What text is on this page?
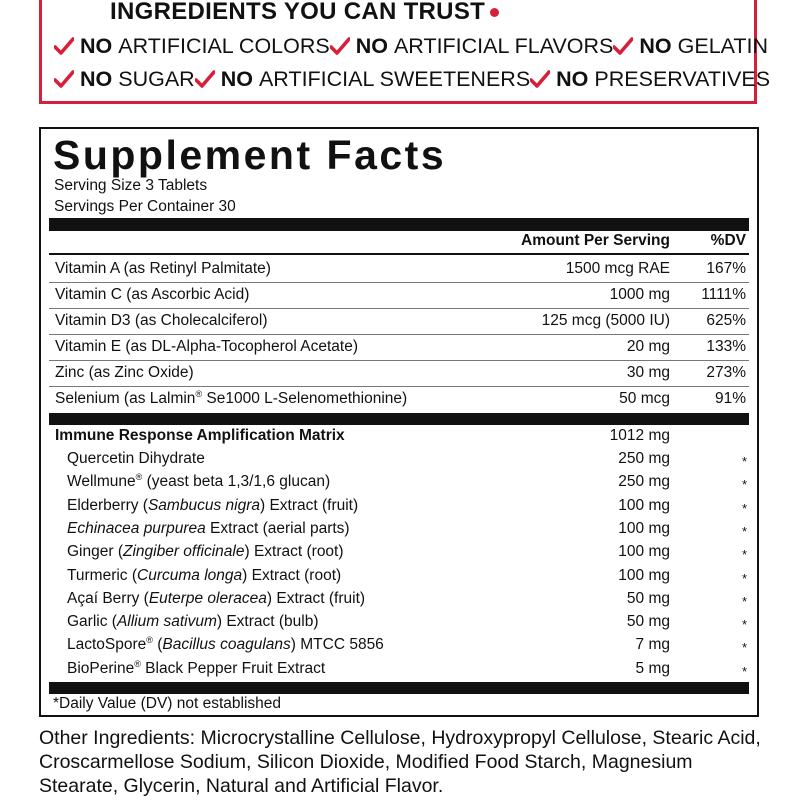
INGREDIENTS YOU CAN TRUST
NO ARTIFICIAL COLORS NO ARTIFICIAL FLAVORS NO GELATIN
NO SUGAR NO ARTIFICIAL SWEETENERS NO PRESERVATIVES
Supplement Facts
Serving Size 3 Tablets
Servings Per Container 30
Amount Per Serving	%DV
Vitamin A (as Retinyl Palmitate)	1500 mcg RAE 167%
Vitamin C (as Ascorbic Acid)	1000 mg 1111%
Vitamin D3 (as Cholecalciferol)	125 mcg (5000 IU) 625%
Vitamin E (as DL-Alpha-Tocopherol Acetate)	20 mg 133%
Zinc (as Zinc Oxide)	30 mg 273%
Selenium (as Lalmin® Se1000 L-Selenomethionine)	50 mcg	91%
Immune Response Amplification Matrix	1012 mg
Quercetin Dihydrate	250 mg	*
Wellmune® (yeast beta 1,3/1,6 glucan)	250 mg	*
Elderberry (Sambucus nigra) Extract (fruit)	100 mg	*
Echinacea purpurea Extract (aerial parts)	100 mg	*
Ginger (Zingiber officinale) Extract (root)	100 mg	*
Turmeric (Curcuma longa) Extract (root)	100 mg	*
Açaí Berry (Euterpe oleracea) Extract (fruit)	50 mg	*
Garlic (Allium sativum) Extract (bulb)	50 mg	*
LactoSpore® (Bacillus coagulans) MTCC 5856	7 mg	*
BioPerine® Black Pepper Fruit Extract	5 mg	*
*Daily Value (DV) not established
Other Ingredients: Microcrystalline Cellulose, Hydroxypropyl Cellulose, Stearic Acid, Croscarmellose Sodium, Silicon Dioxide, Modified Food Starch, Magnesium Stearate, Glycerin, Natural and Artificial Flavor.
